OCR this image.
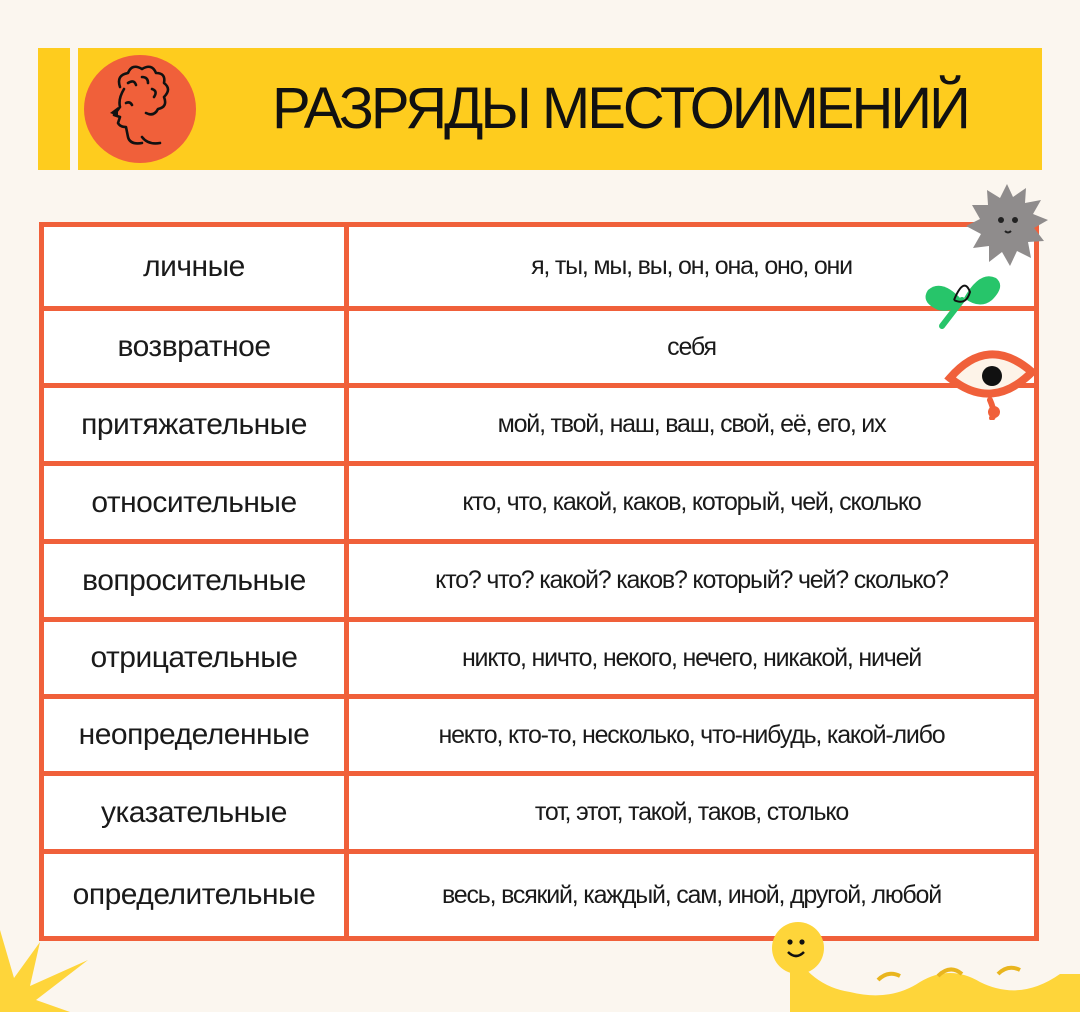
РАЗРЯДЫ МЕСТОИМЕНИЙ
личные	я, ты, мы, вы, он, она, оно, они
возвратное	себя
притяжательные	мой, твой, наш, ваш, свой, её, его, их
относительные	кто, что, какой, каков, который, чей, сколько
вопросительные	кто? что? какой? каков? который? чей? сколько?
отрицательные	никто, ничто, некого, нечего, никакой, ничей
неопределенные	некто, кто-то, несколько, что-нибудь, какой-либо
указательные	тот, этот, такой, таков, столько
определительные	весь, всякий, каждый, сам, иной, другой, любой
